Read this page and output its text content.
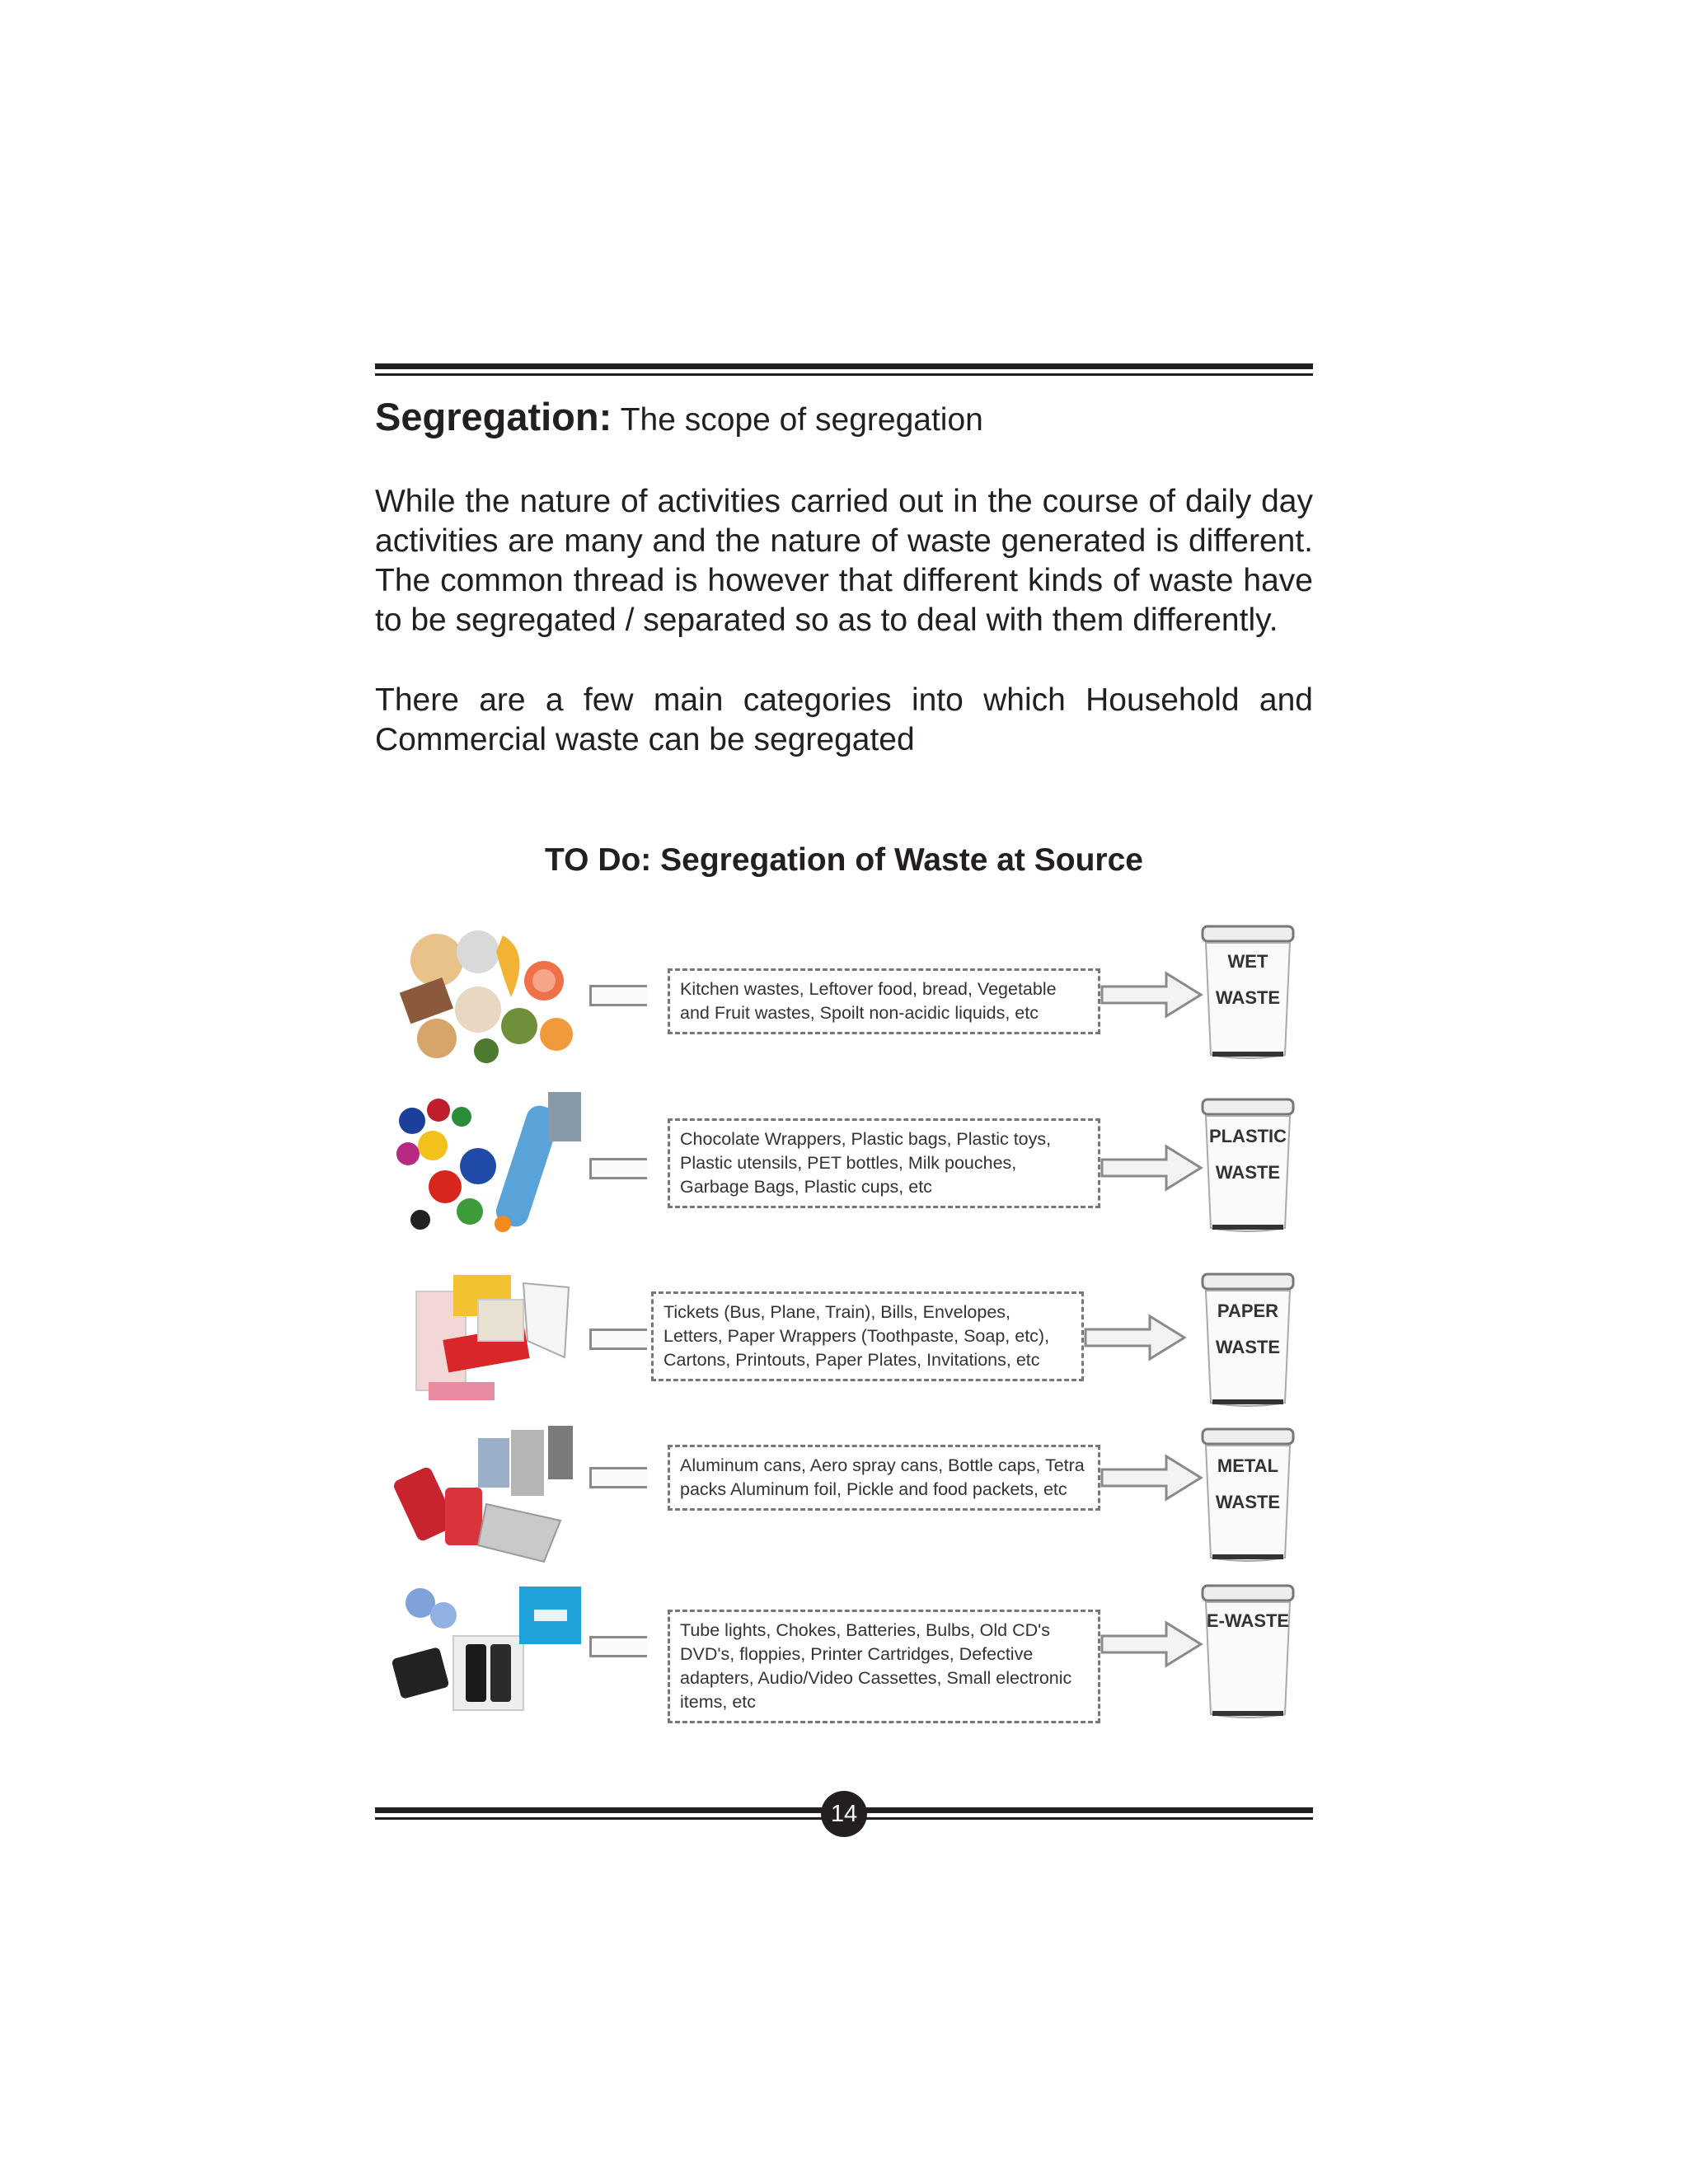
Segregation: The scope of segregation

While the nature of activities carried out in the course of daily day activities are many and the nature of waste generated is different. The common thread is however that different kinds of waste have to be segregated / separated so as to deal with them differently.

There are a few main categories into which Household and Commercial waste can be segregated

TO Do: Segregation of Waste at Source
Kitchen wastes, Leftover food, bread, Vegetable and Fruit wastes, Spoilt non-acidic liquids, etc
WET
WASTE
Chocolate Wrappers, Plastic bags, Plastic toys, Plastic utensils, PET bottles, Milk pouches, Garbage Bags, Plastic cups, etc
PLASTIC
WASTE
Tickets (Bus, Plane, Train), Bills, Envelopes, Letters, Paper Wrappers (Toothpaste, Soap, etc), Cartons, Printouts, Paper Plates, Invitations, etc
PAPER
WASTE
Aluminum cans, Aero spray cans, Bottle caps, Tetra packs Aluminum foil, Pickle and food packets, etc
METAL
WASTE
Tube lights, Chokes, Batteries, Bulbs, Old CD's DVD's, floppies, Printer Cartridges, Defective adapters, Audio/Video Cassettes, Small electronic items, etc
E-WASTE
14
